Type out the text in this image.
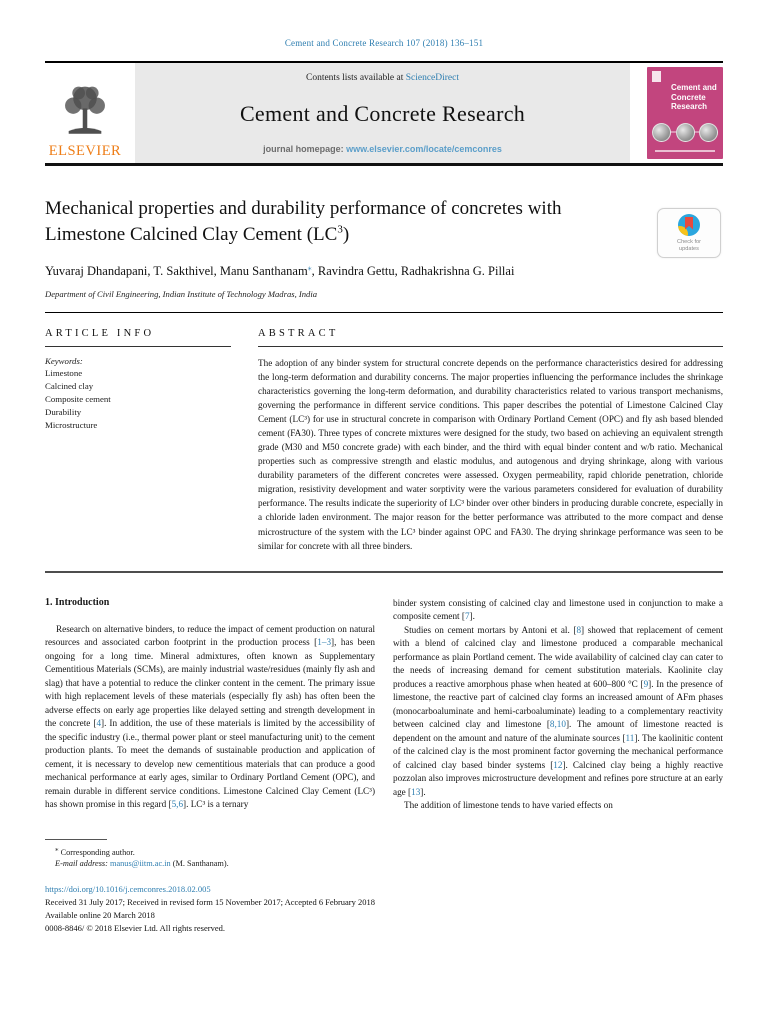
Cement and Concrete Research 107 (2018) 136–151
ELSEVIER
Contents lists available at ScienceDirect
Cement and Concrete Research
journal homepage: www.elsevier.com/locate/cemconres
Cement and
Concrete
Research
Mechanical properties and durability performance of concretes with Limestone Calcined Clay Cement $(LC^3)$
Yuvaraj Dhandapani, T. Sakthivel, Manu Santhanam⁎, Ravindra Gettu, Radhakrishna G. Pillai
Department of Civil Engineering, Indian Institute of Technology Madras, India
ARTICLE INFO
Keywords:
Limestone
Calcined clay
Composite cement
Durability
Microstructure
ABSTRACT
The adoption of any binder system for structural concrete depends on the performance characteristics desired for addressing the long-term deformation and durability concerns. The major properties influencing the performance includes the shrinkage characteristics governing the long-term deformation, and durability characteristics related to various transport mechanisms, governing the performance in different service conditions. This paper describes the potential of Limestone Calcined Clay Cement (LC³) for use in structural concrete in comparison with Ordinary Portland Cement (OPC) and fly ash based blended cement (FA30). Three types of concrete mixtures were designed for the study, two based on achieving an equivalent strength grade (M30 and M50 concrete grade) with each binder, and the third with equal binder content and w/b ratio. Mechanical properties such as compressive strength and elastic modulus, and autogenous and drying shrinkage, along with various durability parameters of the different concretes were assessed. Oxygen permeability, rapid chloride penetration, chloride migration, resistivity development and water sorptivity were the various parameters considered for evaluation of durability performance. The results indicate the superiority of LC³ binder over other binders in producing durable concrete, especially in a chloride laden environment. The major reason for the better performance was attributed to the more compact and dense microstructure of the system with the LC³ binder against OPC and FA30. The drying shrinkage performance was seen to be similar for concrete with all three binders.
1. Introduction

Research on alternative binders, to reduce the impact of cement production on natural resources and associated carbon footprint in the production process [1–3], has been ongoing for a long time. Mineral admixtures, often known as Supplementary Cementitious Materials (SCMs), are mainly industrial waste/residues (mainly fly ash and slag) that have a potential to reduce the clinker content in the cement. The primary issue with high replacement levels of these materials (especially fly ash) has often been the adverse effects on early age properties like delayed setting and strength development in the concrete [4]. In addition, the use of these materials is limited by the accessibility of the specific industry (i.e., thermal power plant or steel manufacturing unit) to the cement production plants. To meet the demands of sustainable production and application of cement, it is necessary to develop new cementitious materials that can produce a good mechanical performance at early ages, similar to Ordinary Portland Cement (OPC), and remain durable in different service conditions. Limestone Calcined Clay Cement (LC³) has shown promise in this regard [5,6]. LC³ is a ternary

binder system consisting of calcined clay and limestone used in conjunction to make a composite cement [7].

Studies on cement mortars by Antoni et al. [8] showed that replacement of cement with a blend of calcined clay and limestone produced a comparable mechanical performance as plain Portland cement. The wide availability of calcined clay can cater to the needs of increasing demand for cement substitution materials. Kaolinite clay produces a reactive amorphous phase when heated at 600–800 °C [9]. In the presence of limestone, the reactive part of calcined clay forms an increased amount of AFm phases (monocarboaluminate and hemi-carboaluminate) leading to a complementary reactivity between calcined clay and limestone [8,10]. The amount of limestone reacted is dependent on the amount and nature of the aluminate sources [11]. The kaolinitic content of the calcined clay is the most prominent factor governing the mechanical performance of calcined clay based binder systems [12]. Calcined clay being a highly reactive pozzolan also improves microstructure development and refines pore structure at an early age [13].

The addition of limestone tends to have varied effects on

⁎ Corresponding author.
E-mail address: manus@iitm.ac.in (M. Santhanam).
https://doi.org/10.1016/j.cemconres.2018.02.005
Received 31 July 2017; Received in revised form 15 November 2017; Accepted 6 February 2018
Available online 20 March 2018
0008-8846/ © 2018 Elsevier Ltd. All rights reserved.
Check for updates
